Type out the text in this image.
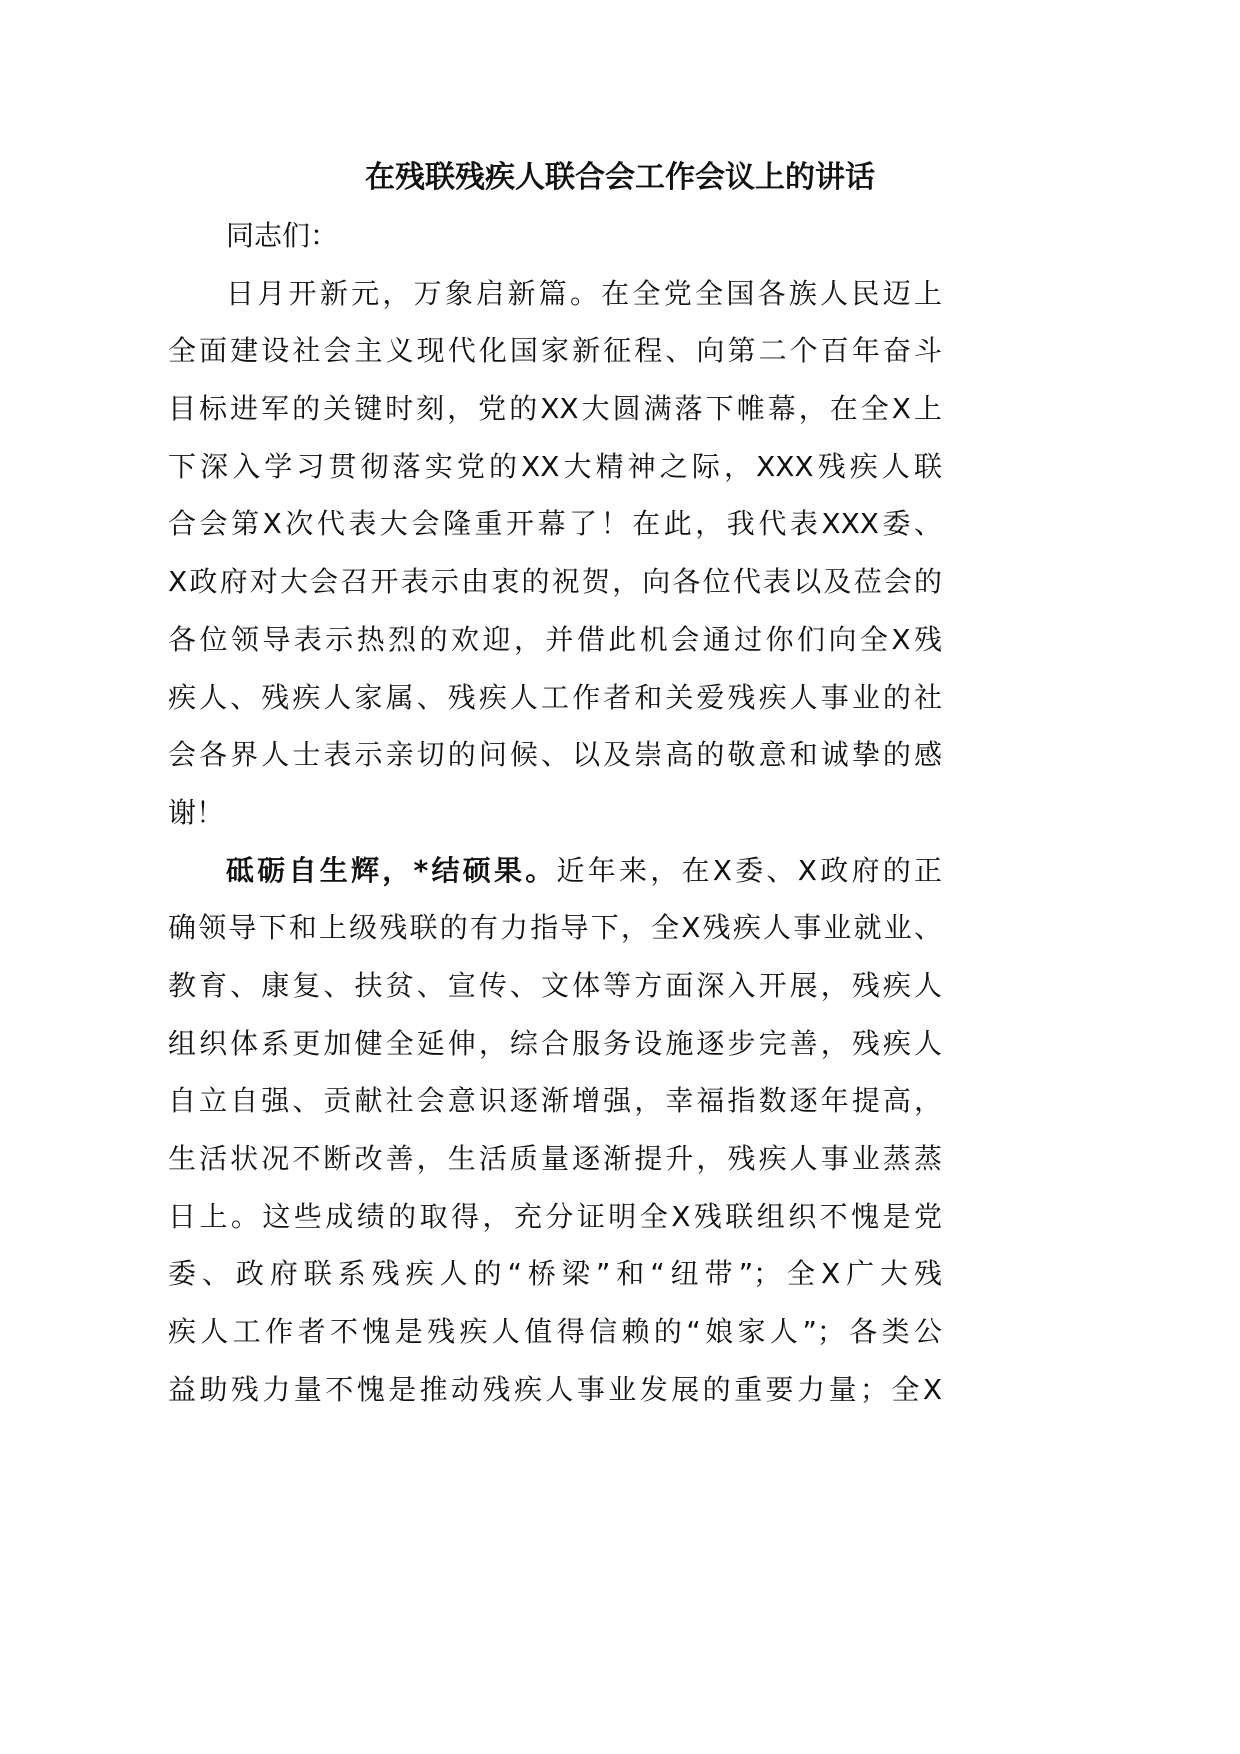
在残联残疾人联合会工作会议上的讲话
同志们：
日月开新元，万象启新篇。在全党全国各族人民迈上
全面建设社会主义现代化国家新征程、向第二个百年奋斗
目标进军的关键时刻，党的XX大圆满落下帷幕，在全X上
下深入学习贯彻落实党的XX大精神之际，XXX残疾人联
合会第X次代表大会隆重开幕了！在此，我代表XXX委、
X政府对大会召开表示由衷的祝贺，向各位代表以及莅会的
各位领导表示热烈的欢迎，并借此机会通过你们向全X残
疾人、残疾人家属、残疾人工作者和关爱残疾人事业的社
会各界人士表示亲切的问候、以及崇高的敬意和诚挚的感
谢！
砥砺自生辉，*结硕果。近年来，在X委、X政府的正
确领导下和上级残联的有力指导下，全X残疾人事业就业、
教育、康复、扶贫、宣传、文体等方面深入开展，残疾人
组织体系更加健全延伸，综合服务设施逐步完善，残疾人
自立自强、贡献社会意识逐渐增强，幸福指数逐年提高，
生活状况不断改善，生活质量逐渐提升，残疾人事业蒸蒸
日上。这些成绩的取得，充分证明全X残联组织不愧是党
委、政府联系残疾人的“桥梁”和“纽带”；全X广大残
疾人工作者不愧是残疾人值得信赖的“娘家人”；各类公
益助残力量不愧是推动残疾人事业发展的重要力量；全X
